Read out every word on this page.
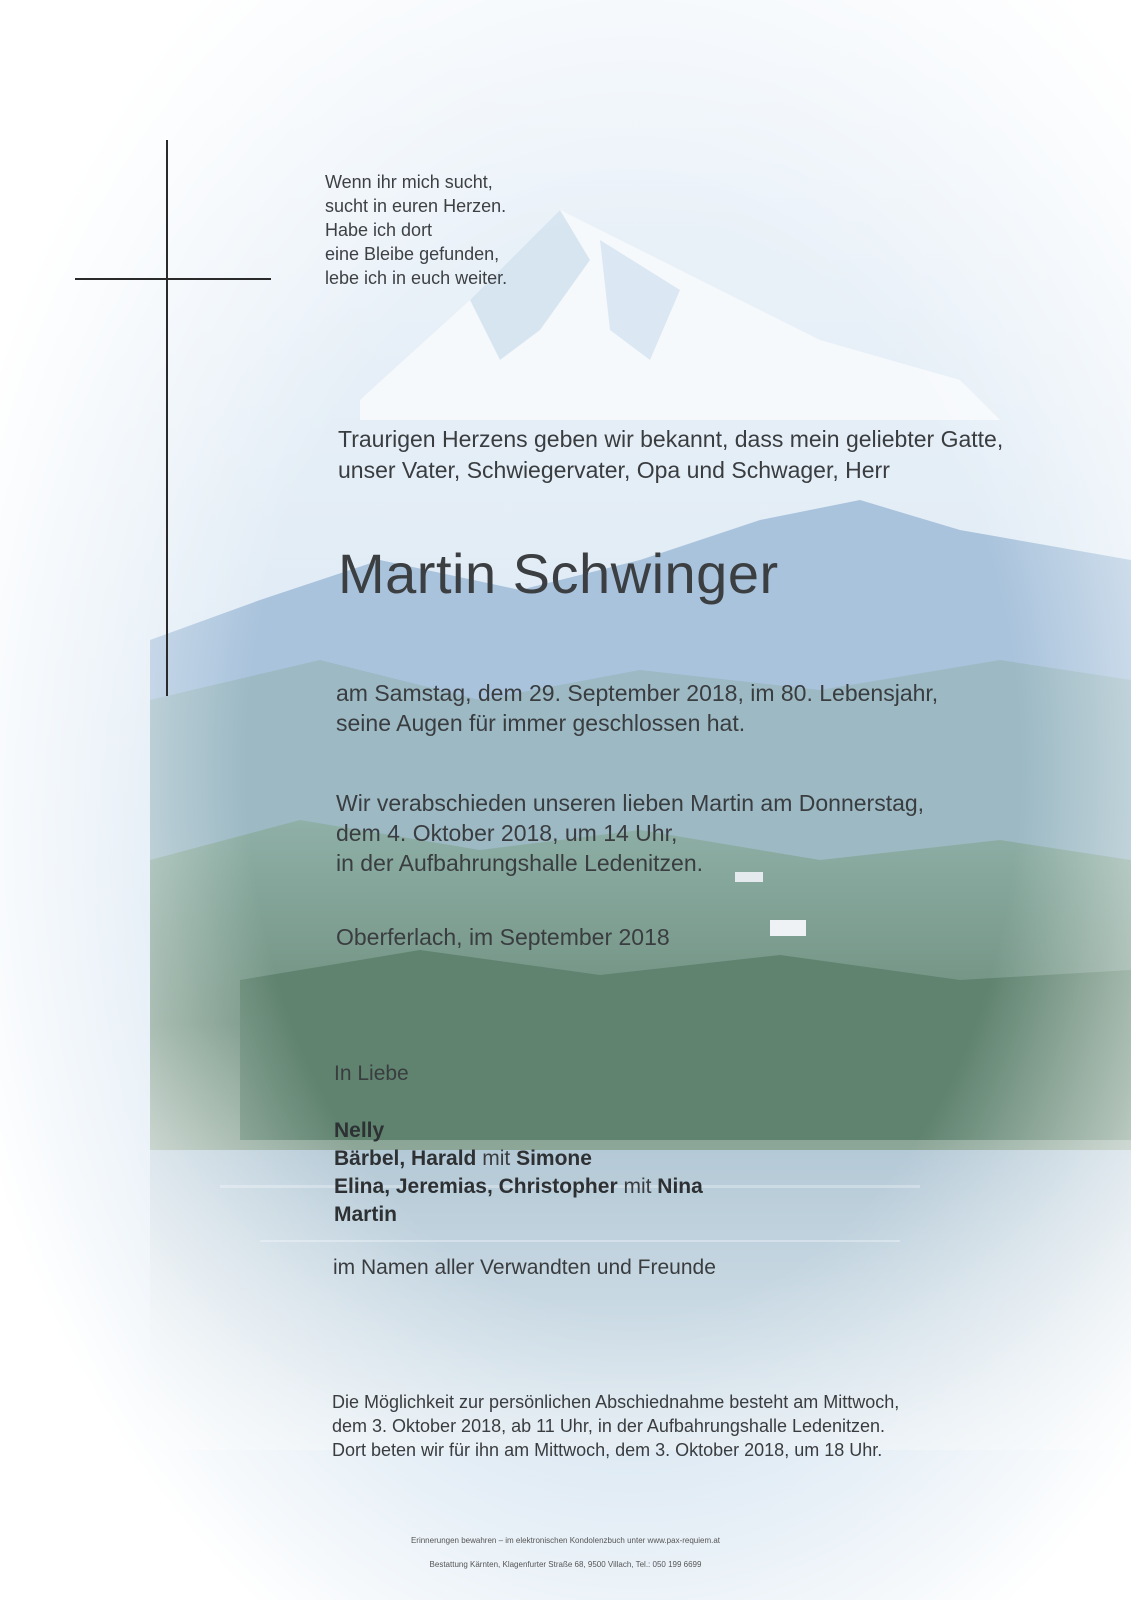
Wenn ihr mich sucht,
sucht in euren Herzen.
Habe ich dort
eine Bleibe gefunden,
lebe ich in euch weiter.
Traurigen Herzens geben wir bekannt, dass mein geliebter Gatte,
unser Vater, Schwiegervater, Opa und Schwager, Herr
Martin Schwinger
am Samstag, dem 29. September 2018, im 80. Lebensjahr,
seine Augen für immer geschlossen hat.
Wir verabschieden unseren lieben Martin am Donnerstag,
dem 4. Oktober 2018, um 14 Uhr,
in der Aufbahrungshalle Ledenitzen.
Oberferlach, im September 2018
In Liebe
Nelly
Bärbel, Harald mit Simone
Elina, Jeremias, Christopher mit Nina
Martin
im Namen aller Verwandten und Freunde
Die Möglichkeit zur persönlichen Abschiednahme besteht am Mittwoch,
dem 3. Oktober 2018, ab 11 Uhr, in der Aufbahrungshalle Ledenitzen.
Dort beten wir für ihn am Mittwoch, dem 3. Oktober 2018, um 18 Uhr.
Erinnerungen bewahren – im elektronischen Kondolenzbuch unter www.pax-requiem.at
Bestattung Kärnten, Klagenfurter Straße 68, 9500 Villach, Tel.: 050 199 6699
